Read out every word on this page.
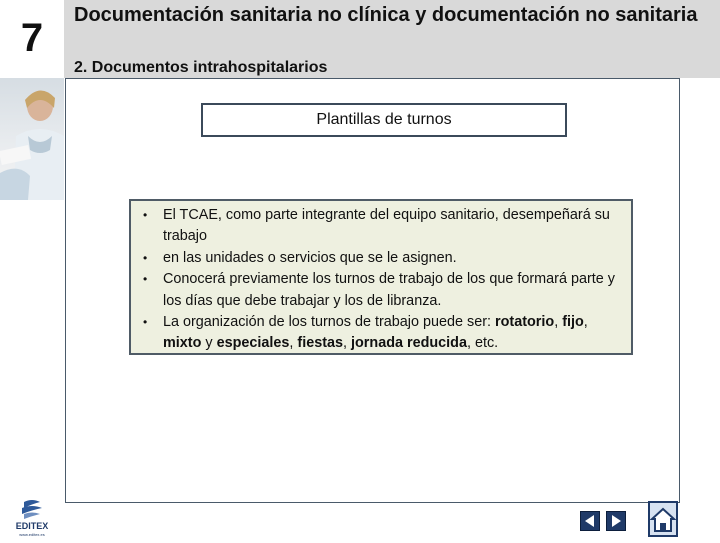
7
Documentación sanitaria no clínica y documentación no sanitaria
2. Documentos intrahospitalarios
Plantillas de turnos
• El TCAE, como parte integrante del equipo sanitario, desempeñará su trabajo
• en las unidades o servicios que se le asignen.
• Conocerá previamente los turnos de trabajo de los que formará parte y los días que debe trabajar y los de libranza.
• La organización de los turnos de trabajo puede ser: rotatorio, fijo, mixto y especiales, fiestas, jornada reducida, etc.
EDITEX
www.editex.es
